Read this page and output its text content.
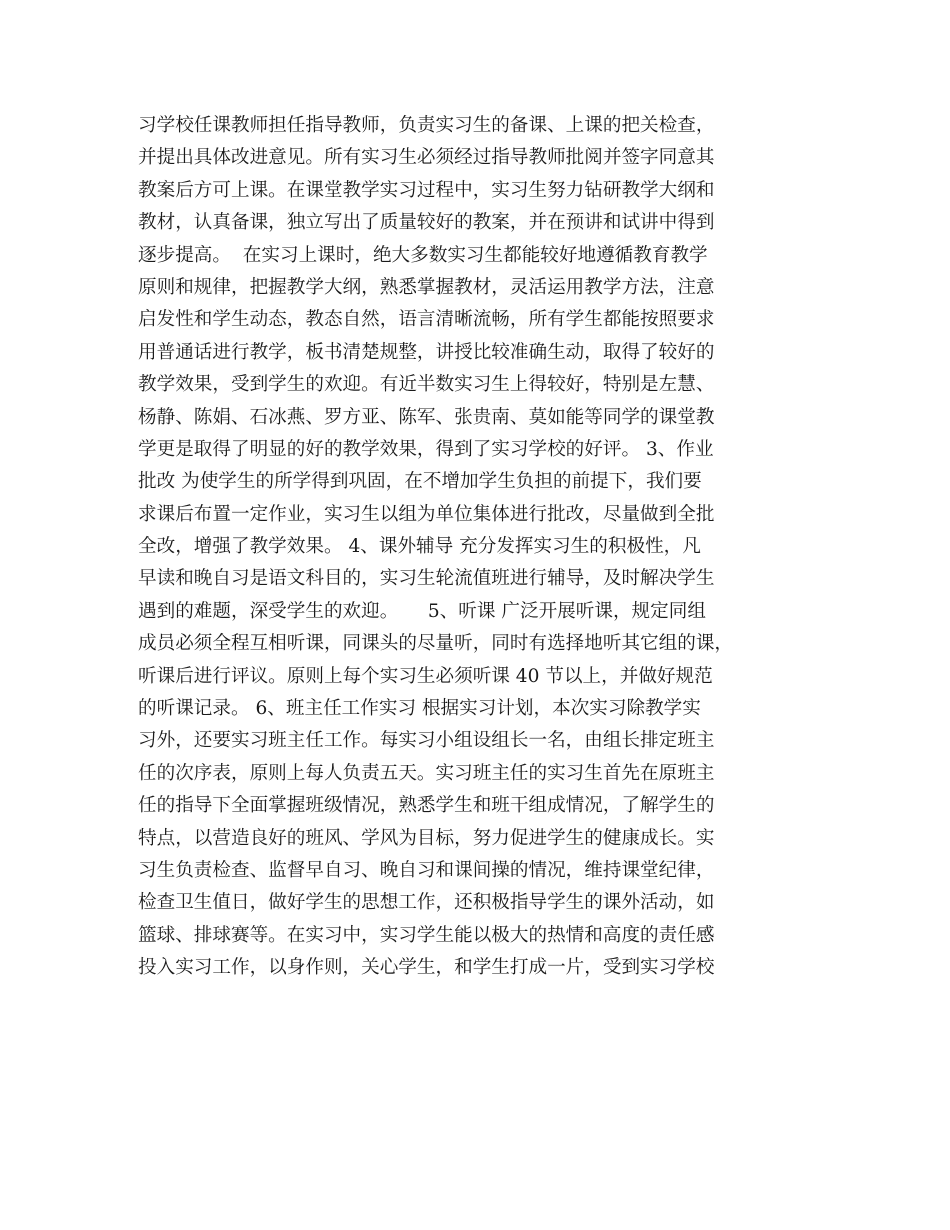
习学校任课教师担任指导教师，负责实习生的备课、上课的把关检查，
并提出具体改进意见。所有实习生必须经过指导教师批阅并签字同意其
教案后方可上课。在课堂教学实习过程中，实习生努力钻研教学大纲和
教材，认真备课，独立写出了质量较好的教案，并在预讲和试讲中得到
逐步提高。  在实习上课时，绝大多数实习生都能较好地遵循教育教学
原则和规律，把握教学大纲，熟悉掌握教材，灵活运用教学方法，注意
启发性和学生动态，教态自然，语言清晰流畅，所有学生都能按照要求
用普通话进行教学，板书清楚规整，讲授比较准确生动，取得了较好的
教学效果，受到学生的欢迎。有近半数实习生上得较好，特别是左慧、
杨静、陈娟、石冰燕、罗方亚、陈军、张贵南、莫如能等同学的课堂教
学更是取得了明显的好的教学效果，得到了实习学校的好评。 3、作业
批改 为使学生的所学得到巩固，在不增加学生负担的前提下，我们要
求课后布置一定作业，实习生以组为单位集体进行批改，尽量做到全批
全改，增强了教学效果。 4、课外辅导 充分发挥实习生的积极性，凡
早读和晚自习是语文科目的，实习生轮流值班进行辅导，及时解决学生
遇到的难题，深受学生的欢迎。     5、听课 广泛开展听课，规定同组
成员必须全程互相听课，同课头的尽量听，同时有选择地听其它组的课，
听课后进行评议。原则上每个实习生必须听课 40 节以上，并做好规范
的听课记录。 6、班主任工作实习 根据实习计划，本次实习除教学实
习外，还要实习班主任工作。每实习小组设组长一名，由组长排定班主
任的次序表，原则上每人负责五天。实习班主任的实习生首先在原班主
任的指导下全面掌握班级情况，熟悉学生和班干组成情况，了解学生的
特点，以营造良好的班风、学风为目标，努力促进学生的健康成长。实
习生负责检查、监督早自习、晚自习和课间操的情况，维持课堂纪律，
检查卫生值日，做好学生的思想工作，还积极指导学生的课外活动，如
篮球、排球赛等。在实习中，实习学生能以极大的热情和高度的责任感
投入实习工作，以身作则，关心学生，和学生打成一片，受到实习学校
